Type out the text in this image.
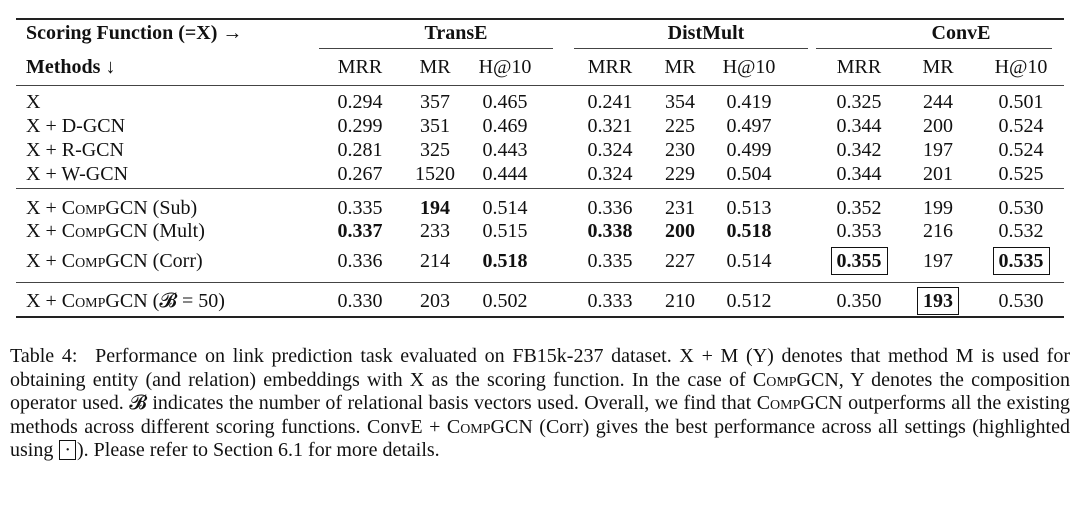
Scoring Function (=X) →	TransE	DistMult	ConvE
Methods ↓	MRR	MR	H@10	MRR	MR	H@10	MRR	MR	H@10
X	0.294	357	0.465	0.241	354	0.419	0.325	244	0.501
X + D-GCN	0.299	351	0.469	0.321	225	0.497	0.344	200	0.524
X + R-GCN	0.281	325	0.443	0.324	230	0.499	0.342	197	0.524
X + W-GCN	0.267	1520	0.444	0.324	229	0.504	0.344	201	0.525
X + CompGCN (Sub)	0.335	194	0.514	0.336	231	0.513	0.352	199	0.530
X + CompGCN (Mult)	0.337	233	0.515	0.338	200	0.518	0.353	216	0.532
X + CompGCN (Corr)	0.336	214	0.518	0.335	227	0.514	0.355	197	0.535
X + CompGCN (𝓑 = 50)	0.330	203	0.502	0.333	210	0.512	0.350	193	0.530
Table 4: Performance on link prediction task evaluated on FB15k-237 dataset. X + M (Y) denotes that method M is used for obtaining entity (and relation) embeddings with X as the scoring function. In the case of CompGCN, Y denotes the composition operator used. 𝓑 indicates the number of relational basis vectors used. Overall, we find that CompGCN outperforms all the existing methods across different scoring functions. ConvE + CompGCN (Corr) gives the best performance across all settings (highlighted using · ). Please refer to Section 6.1 for more details.
